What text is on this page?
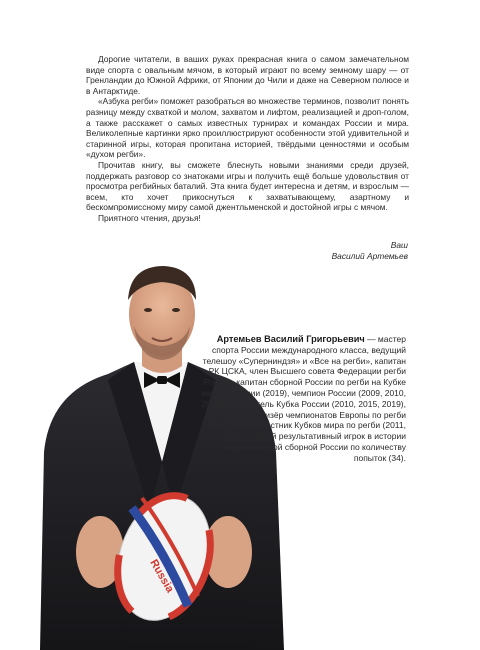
Дорогие читатели, в ваших руках прекрасная книга о самом замечательном виде спорта с овальным мячом, в который играют по всему земному шару — от Гренландии до Южной Африки, от Японии до Чили и даже на Северном полюсе и в Антарктиде.

«Азбука регби» поможет разобраться во множестве терминов, позволит понять разницу между схваткой и молом, захватом и лифтом, реализацией и дроп-голом, а также расскажет о самых известных турнирах и командах России и мира. Великолепные картинки ярко проиллюстрируют особенности этой удивительной и старинной игры, которая пропитана историей, твёрдыми ценностями и особым «духом регби».

Прочитав книгу, вы сможете блеснуть новыми знаниями среди друзей, поддержать разговор со знатоками игры и получить ещё больше удовольствия от просмотра регбийных баталий. Эта книга будет интересна и детям, и взрослым — всем, кто хочет прикоснуться к захватывающему, азартному и бескомпромиссному миру самой джентльменской и достойной игры с мячом.

Приятного чтения, друзья!

Ваш
Василий Артемьев
Russia
Артемьев Василий Григорьевич — мастер спорта России международного класса, ведущий телешоу «Суперниндзя» и «Все на регби», капитан РК ЦСКА, член Высшего совета Федерации регби России, капитан сборной России по регби на Кубке мира в Японии (2019), чемпион России (2009, 2010, 2015), обладатель Кубка России (2010, 2015, 2019), серебряный призёр чемпионатов Европы по регби (2010, 2018), участник Кубков мира по регби (2011, 2019), самый результативный игрок в истории национальной сборной России по количеству попыток (34).
